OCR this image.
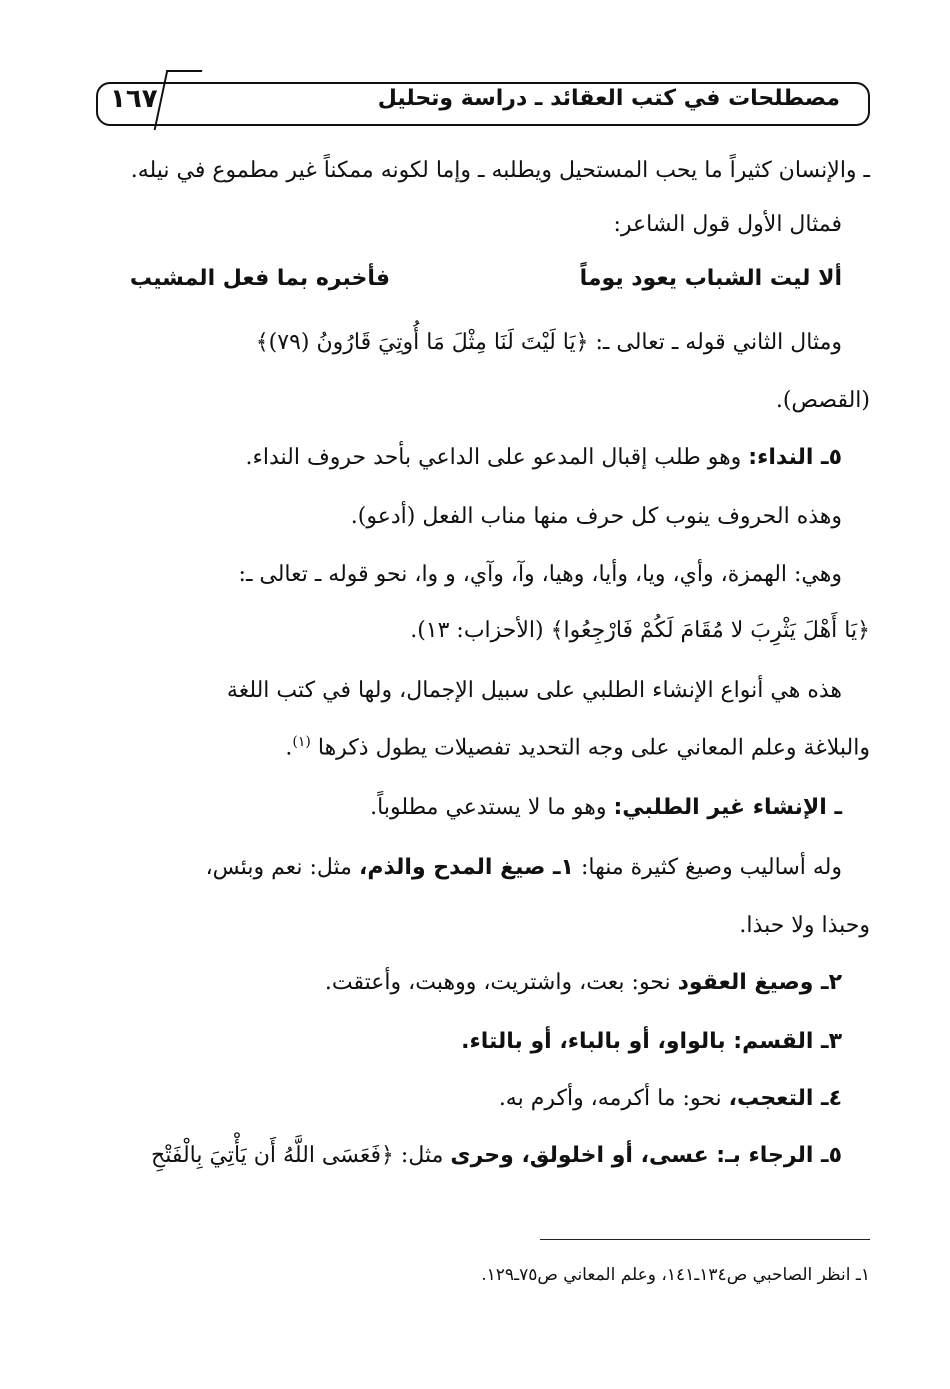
١٦٧	مصطلحات في كتب العقائد ـ دراسة وتحليل
ـ والإنسان كثيراً ما يحب المستحيل ويطلبه ـ وإما لكونه ممكناً غير مطموع في نيله.
فمثال الأول قول الشاعر:
ألا ليت الشباب يعود يوماً
فأخبره بما فعل المشيب
ومثال الثاني قوله ـ تعالى ـ: ﴿يَا لَيْتَ لَنَا مِثْلَ مَا أُوتِيَ قَارُونُ (٧٩)﴾
(القصص).
٥ـ النداء: وهو طلب إقبال المدعو على الداعي بأحد حروف النداء.
وهذه الحروف ينوب كل حرف منها مناب الفعل (أدعو).
وهي: الهمزة، وأي، ويا، وأيا، وهيا، وآ، وآي، و وا، نحو قوله ـ تعالى ـ:
﴿يَا أَهْلَ يَثْرِبَ لا مُقَامَ لَكُمْ فَارْجِعُوا﴾ (الأحزاب: ١٣).
هذه هي أنواع الإنشاء الطلبي على سبيل الإجمال، ولها في كتب اللغة
والبلاغة وعلم المعاني على وجه التحديد تفصيلات يطول ذكرها $^{(١)}$.
ـ الإنشاء غير الطلبي: وهو ما لا يستدعي مطلوباً.
وله أساليب وصيغ كثيرة منها: ١ـ صيغ المدح والذم، مثل: نعم وبئس،
وحبذا ولا حبذا.
٢ـ وصيغ العقود نحو: بعت، واشتريت، ووهبت، وأعتقت.
٣ـ القسم: بالواو، أو بالباء، أو بالتاء.
٤ـ التعجب، نحو: ما أكرمه، وأكرم به.
٥ـ الرجاء بـ: عسى، أو اخلولق، وحرى مثل: ﴿فَعَسَى اللَّهُ أَن يَأْتِيَ بِالْفَتْحِ
١ـ انظر الصاحبي ص١٣٤ـ١٤١، وعلم المعاني ص٧٥ـ١٢٩.
